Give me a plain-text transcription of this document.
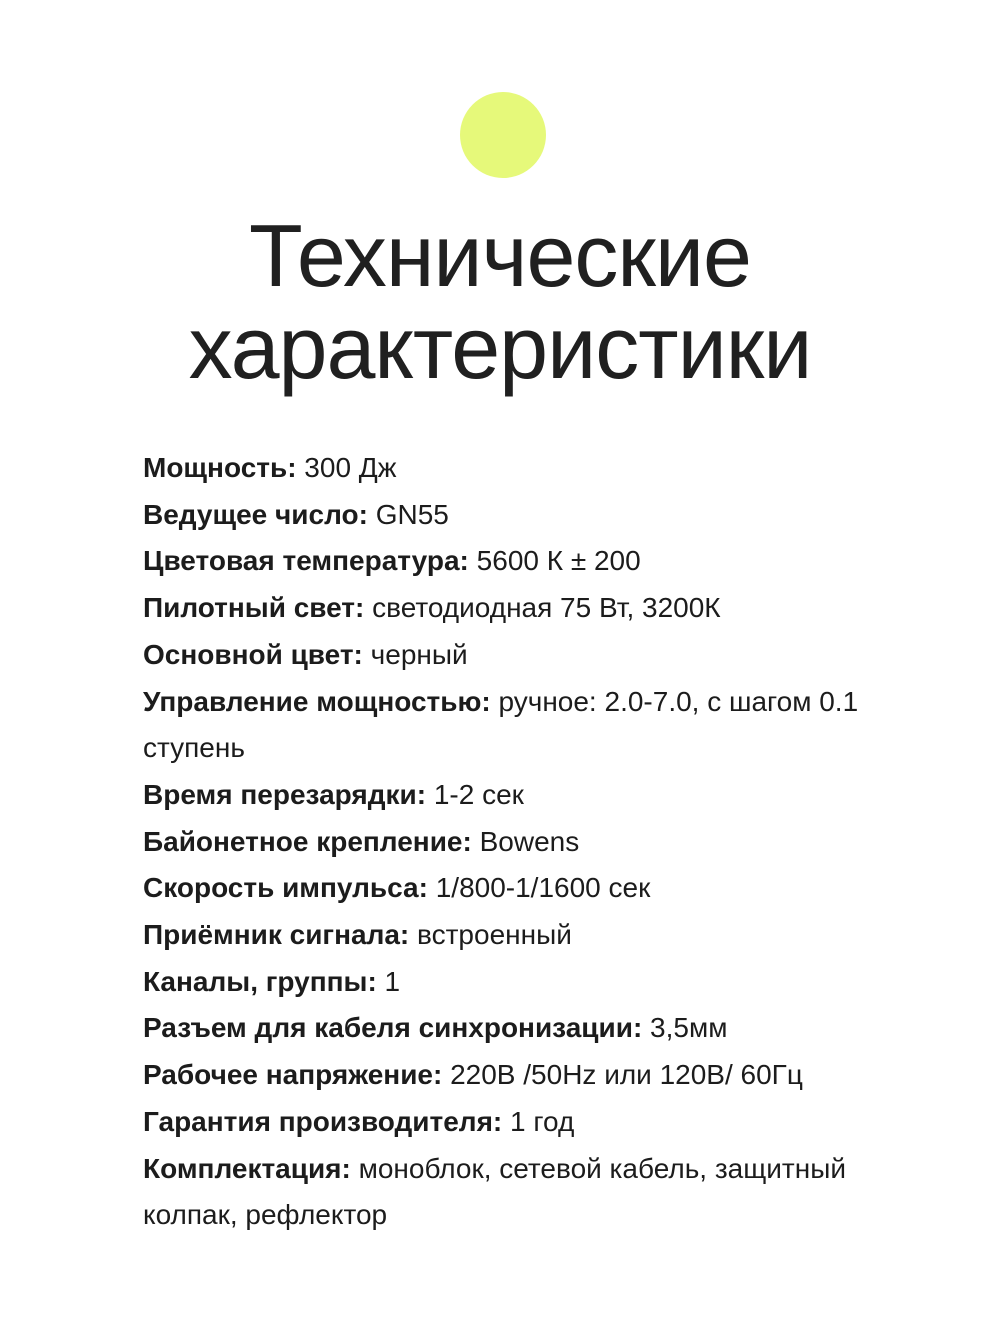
Технические
характеристики
Мощность: 300 Дж
Ведущее число: GN55
Цветовая температура: 5600 К ± 200
Пилотный свет: светодиодная 75 Вт, 3200К
Основной цвет: черный
Управление мощностью: ручное: 2.0-7.0, с шагом 0.1 ступень
Время перезарядки: 1-2 сек
Байонетное крепление: Bowens
Скорость импульса: 1/800-1/1600 сек
Приёмник сигнала: встроенный
Каналы, группы: 1
Разъем для кабеля синхронизации: 3,5мм
Рабочее напряжение: 220В /50Hz или 120В/ 60Гц
Гарантия производителя: 1 год
Комплектация: моноблок, сетевой кабель, защитный колпак, рефлектор
